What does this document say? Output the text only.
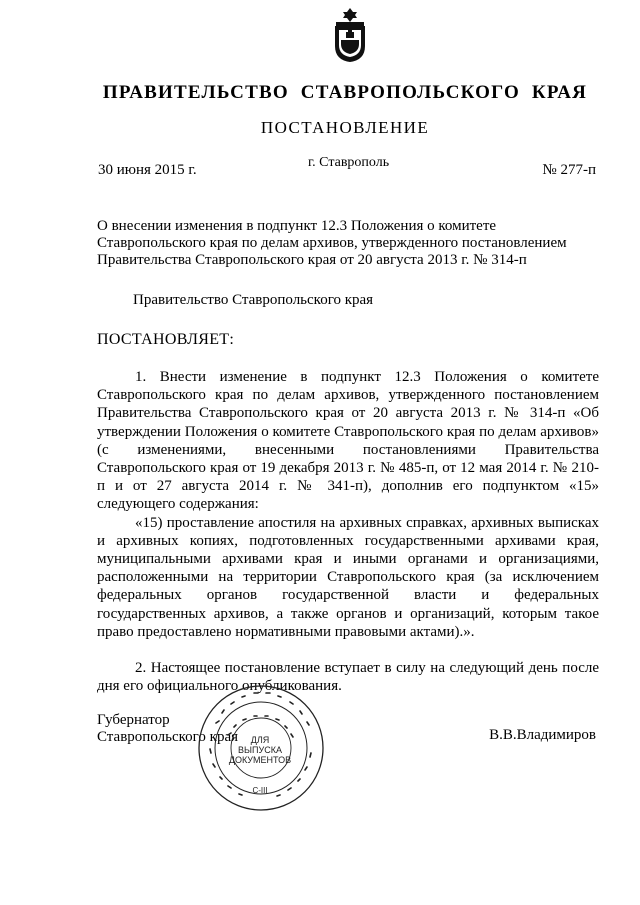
ПРАВИТЕЛЬСТВО СТАВРОПОЛЬСКОГО КРАЯ
ПОСТАНОВЛЕНИЕ
30 июня 2015 г.	г. Ставрополь	№ 277-п
О внесении изменения в подпункт 12.3 Положения о комитете Ставропольского края по делам архивов, утвержденного постановлением Правительства Ставропольского края от 20 августа 2013 г. № 314-п
Правительство Ставропольского края
ПОСТАНОВЛЯЕТ:

1. Внести изменение в подпункт 12.3 Положения о комитете Ставропольского края по делам архивов, утвержденного постановлением Правительства Ставропольского края от 20 августа 2013 г. № 314-п «Об утверждении Положения о комитете Ставропольского края по делам архивов» (с изменениями, внесенными постановлениями Правительства Ставропольского края от 19 декабря 2013 г. № 485-п, от 12 мая 2014 г. № 210-п и от 27 августа 2014 г. № 341-п), дополнив его подпунктом «15» следующего содержания:

«15) проставление апостиля на архивных справках, архивных выписках и архивных копиях, подготовленных государственными архивами края, муниципальными архивами края и иными органами и организациями, расположенными на территории Ставропольского края (за исключением федеральных органов государственной власти и федеральных государственных архивов, а также органов и организаций, которым такое право предоставлено нормативными правовыми актами).».

2. Настоящее постановление вступает в силу на следующий день после дня его официального опубликования.

Губернатор
Ставропольского края	В.В.Владимиров
ДЛЯ
ВЫПУСКА
ДОКУМЕНТОВ
С-III
